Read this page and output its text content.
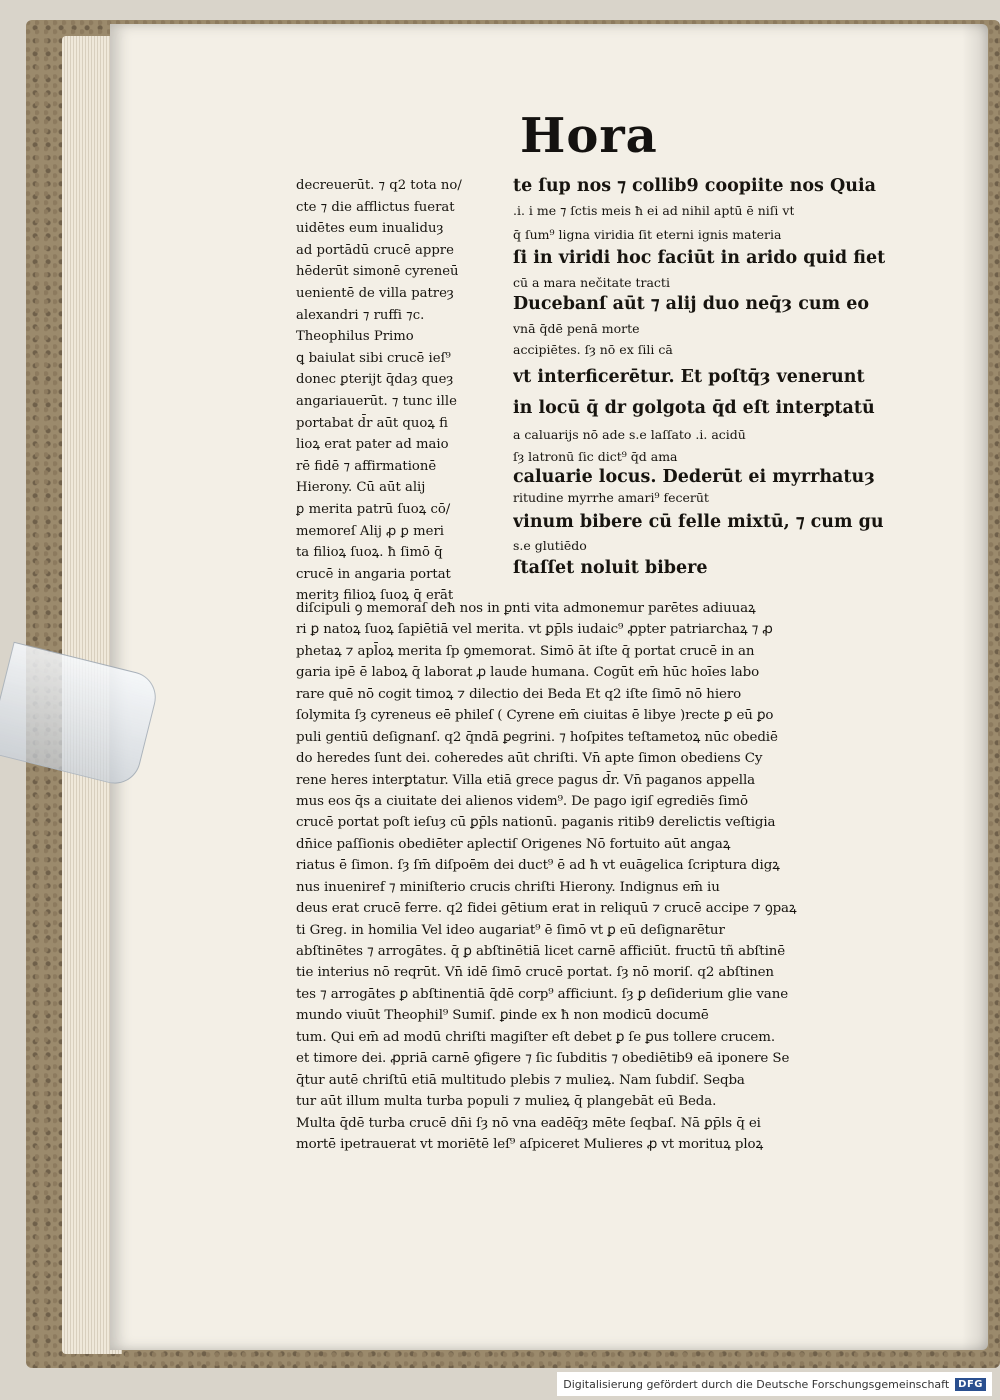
Hora
decreuerūt. ⁊ q2 tota no/
cte ⁊ die afflictus fuerat
uidētes eum inualiduȝ
ad portādū crucē appre
hēderūt simonē cyreneū
uenientē de villa patreȝ
alexandri ⁊ ruffi ⁊c.
Theophilus Primo
ꝗ baiulat sibi crucē ieſ⁹
donec ꝑterijt q̄daȝ queȝ
angariauerūt. ⁊ tunc ille
portabat d̄r aūt quoꝝ fi
lioꝝ erat pater ad maio
rē fidē ⁊ affirmationē
Hierony. Cū aūt alij
ꝑ merita patrū ſuoꝝ cō/
memoreſ Alij ꝓ ꝑ meri
ta filioꝝ ſuoꝝ. ħ ſimō q̄
crucē in angaria portat
meritȝ filioꝝ ſuoꝝ q̄ erāt
te ſup nos ⁊ collib9 coopiite nos Quia
.i. i me ⁊ ſctis meis ħ ei ad nihil aptū ē niſi vt
q̄ ſum⁹ ligna viridia ſit eterni ignis materia
ſi in viridi hoc faciūt in arido quid fiet
cū a mara nečitate tracti
Ducebanſ aūt ⁊ alij duo neq̄ȝ cum eo
vnā q̄dē penā morte
accipiētes. ſȝ nō ex ſili cā
vt interficerētur. Et poſtq̄ȝ venerunt
in locū q̄ d̄r golgota q̄d eſt interꝑtatū
a caluarijs nō ade s.e laſſato .i. acidū
ſȝ latronū ſic dict⁹ q̄d ama
caluarie locus. Dederūt ei myrrhatuȝ
ritudine myrrhe amari⁹ fecerūt
vinum bibere cū felle mixtū, ⁊ cum gu
s.e glutiēdo
ſtaſſet noluit bibere
diſcipuli ꝯ memoraſ deħ nos in ꝑnti vita admonemur parētes adiuuaꝝ
ri ꝑ natoꝝ ſuoꝝ ſapiētiā vel merita. vt ꝑp̄ls iudaic⁹ ꝓpter patriarchaꝝ ⁊ ꝓ
phetaꝝ ⁊ apl̄oꝝ merita ſp ꝯmemorat. Simō āt iſte q̄ portat crucē in an
garia ipē ē laboꝝ q̄ laborat ꝓ laude humana. Cogūt em̄ hūc hoīes labo
rare quē nō cogit timoꝝ ⁊ dilectio dei Beda Et q2 iſte ſimō nō hiero
ſolymita ſȝ cyreneus eē phileſ ( Cyrene em̄ ciuitas ē libye )recte ꝑ eū ꝑo
puli gentiū deſignanſ. q2 q̄ndā ꝑegrini. ⁊ hoſpites teſtametoꝝ nūc obediē
do heredes ſunt dei. coheredes aūt chriſti. Vn̄ apte ſimon obediens Cy
rene heres interꝑtatur. Villa etiā grece pagus d̄r. Vn̄ paganos appella
mus eos q̄s a ciuitate dei alienos videm⁹. De pago igiſ egrediēs ſimō
crucē portat poſt ieſuȝ cū ꝑp̄ls nationū. paganis ritib9 derelictis veſtigia
dn̄ice paſſionis obediēter aplectiſ Origenes Nō fortuito aūt angaꝝ
riatus ē ſimon. ſȝ ſm̄ diſpoēm dei duct⁹ ē ad ħ vt euāgelica ſcriptura digꝝ
nus inueniref ⁊ miniſterio crucis chriſti Hierony. Indignus em̄ iu
deus erat crucē ferre. q2 fidei gētium erat in reliquū ⁊ crucē accipe ⁊ ꝯpaꝝ
ti Greg. in homilia Vel ideo augariat⁹ ē ſimō vt ꝑ eū deſignarētur
abſtinētes ⁊ arrogātes. q̄ ꝑ abſtinētiā licet carnē afficiūt. fructū tñ abſtinē
tie interius nō reqrūt. Vn̄ idē ſimō crucē portat. ſȝ nō moriſ. q2 abſtinen
tes ⁊ arrogātes ꝑ abſtinentiā q̄dē corp⁹ afficiunt. ſȝ ꝑ deſiderium glie vane
mundo viuūt Theophil⁹ Sumiſ. ꝑinde ex ħ non modicū documē
tum. Qui em̄ ad modū chriſti magiſter eſt debet ꝑ ſe ꝑus tollere crucem.
et timore dei. ꝓpriā carnē ꝯfigere ⁊ ſic ſubditis ⁊ obediētib9 eā iponere Se
q̄tur autē chriſtū etiā multitudo plebis ⁊ mulieꝝ. Nam ſubdiſ. Seqba
tur aūt illum multa turba populi ⁊ mulieꝝ q̄ plangebāt eū Beda.
Multa q̄dē turba crucē dn̄i ſȝ nō vna eadēq̄ȝ mēte ſeqbaſ. Nā ꝑp̄ls q̄ ei
mortē ipetrauerat vt moriētē leſ⁹ aſpiceret Mulieres ꝓ vt morituꝝ ploꝝ
Digitalisierung gefördert durch die Deutsche Forschungsgemeinschaft DFG
